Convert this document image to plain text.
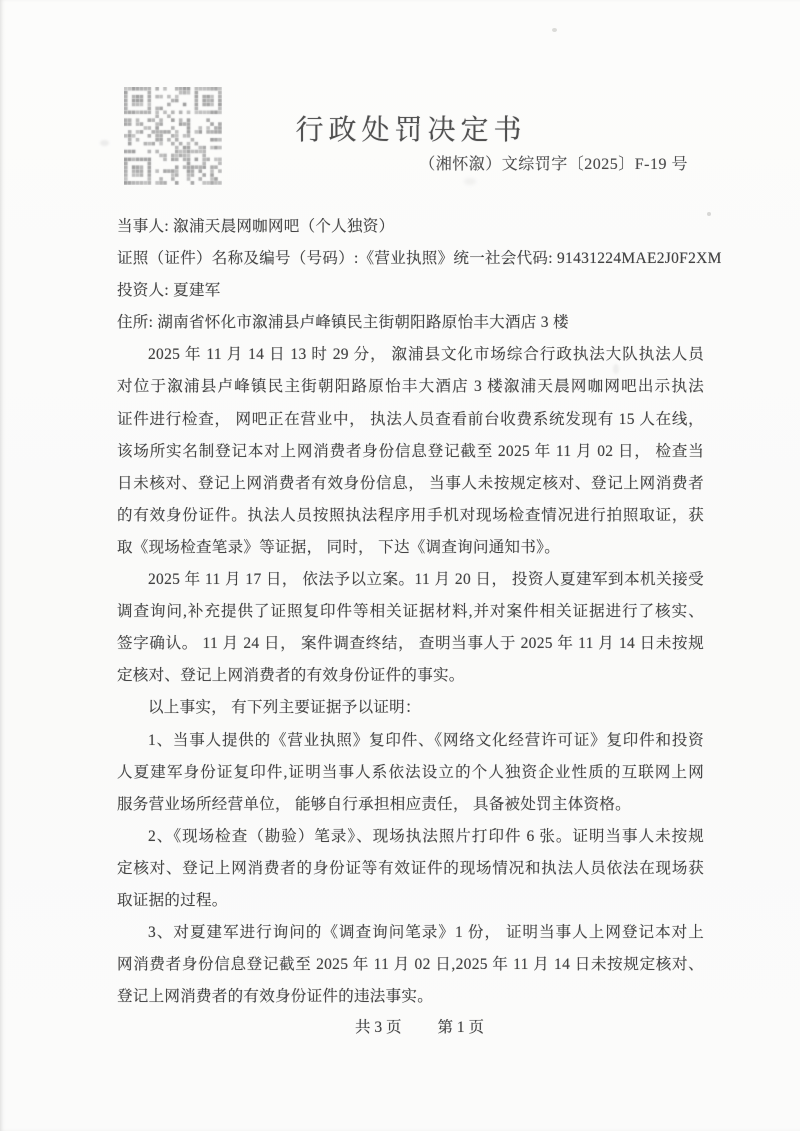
行政处罚决定书
（湘怀溆）文综罚字〔2025〕F-19 号
当事人: 溆浦天晨网咖网吧（个人独资）
证照（证件）名称及编号（号码）:《营业执照》统一社会代码: 91431224MAE2J0F2XM
投资人: 夏建军
住所: 湖南省怀化市溆浦县卢峰镇民主街朝阳路原怡丰大酒店 3 楼
2025 年 11 月 14 日 13 时 29 分， 溆浦县文化市场综合行政执法大队执法人员
对位于溆浦县卢峰镇民主街朝阳路原怡丰大酒店 3 楼溆浦天晨网咖网吧出示执法
证件进行检查， 网吧正在营业中， 执法人员查看前台收费系统发现有 15 人在线，
该场所实名制登记本对上网消费者身份信息登记截至 2025 年 11 月 02 日， 检查当
日未核对、登记上网消费者有效身份信息， 当事人未按规定核对、登记上网消费者
的有效身份证件。执法人员按照执法程序用手机对现场检查情况进行拍照取证，获
取《现场检查笔录》等证据， 同时， 下达《调查询问通知书》。
2025 年 11 月 17 日， 依法予以立案。11 月 20 日， 投资人夏建军到本机关接受
调查询问,补充提供了证照复印件等相关证据材料,并对案件相关证据进行了核实、
签字确认。 11 月 24 日， 案件调查终结， 查明当事人于 2025 年 11 月 14 日未按规
定核对、登记上网消费者的有效身份证件的事实。
以上事实， 有下列主要证据予以证明：
1、当事人提供的《营业执照》复印件、《网络文化经营许可证》复印件和投资
人夏建军身份证复印件,证明当事人系依法设立的个人独资企业性质的互联网上网
服务营业场所经营单位， 能够自行承担相应责任， 具备被处罚主体资格。
2、《现场检查（勘验）笔录》、现场执法照片打印件 6 张。证明当事人未按规
定核对、登记上网消费者的身份证等有效证件的现场情况和执法人员依法在现场获
取证据的过程。
3、对夏建军进行询问的《调查询问笔录》1 份， 证明当事人上网登记本对上
网消费者身份信息登记截至 2025 年 11 月 02 日,2025 年 11 月 14 日未按规定核对、
登记上网消费者的有效身份证件的违法事实。
共 3 页 第 1 页
